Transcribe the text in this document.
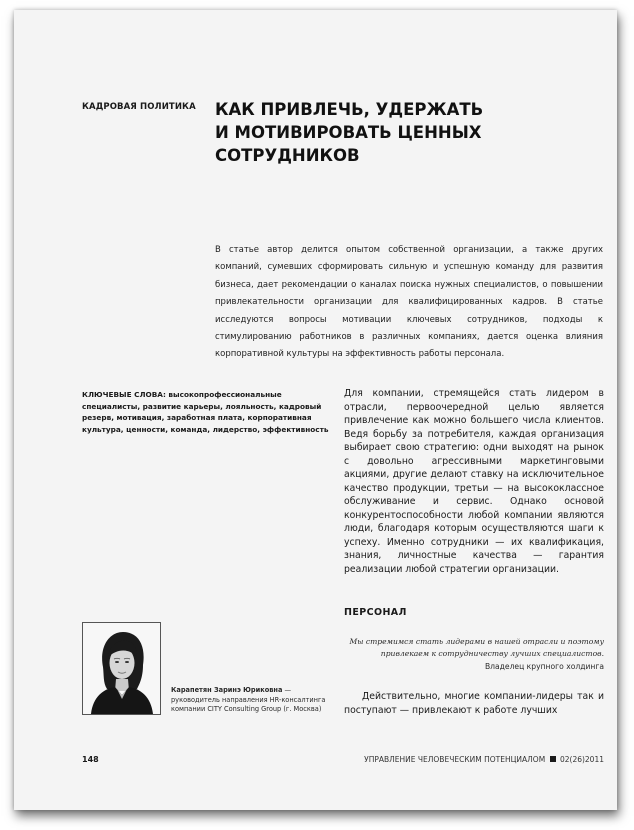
КАДРОВАЯ ПОЛИТИКА КАК ПРИВЛЕЧЬ, УДЕРЖАТЬ
И МОТИВИРОВАТЬ ЦЕННЫХ СОТРУДНИКОВ

В статье автор делится опытом собственной организации, а также других компаний, сумевших сформировать сильную и успешную команду для развития бизнеса, дает рекомендации о каналах поиска нужных специалистов, о повышении привлекательности организации для квалифицированных кадров. В статье исследуются вопросы мотивации ключевых сотрудников, подходы к стимулированию работников в различных компаниях, дается оценка влияния корпоративной культуры на эффективность работы персонала.

КЛЮЧЕВЫЕ СЛОВА: высокопрофессиональные специалисты, развитие карьеры, лояльность, кадровый резерв, мотивация, заработная плата, корпоративная культура, ценности, команда, лидерство, эффективность

Для компании, стремящейся стать лидером в отрасли, первоочередной целью является привлечение как можно большего числа клиентов. Ведя борьбу за потребителя, каждая организация выбирает свою стратегию: одни выходят на рынок с довольно агрессивными маркетинговыми акциями, другие делают ставку на исключительное качество продукции, третьи — на высококлассное обслуживание и сервис. Однако основой конкурентоспособности любой компании являются люди, благодаря которым осуществляются шаги к успеху. Именно сотрудники — их квалификация, знания, личностные качества — гарантия реализации любой стратегии организации.

ПЕРСОНАЛ

Мы стремимся стать лидерами в нашей отрасли и поэтому привлекаем к сотрудничеству лучших специалистов.

Владелец крупного холдинга

Действительно, многие компании-лидеры так и поступают — привлекают к работе лучших

Карапетян Заринэ Юриковна — руководитель направления HR-консалтинга компании CITY Consulting Group (г. Москва)
148	УПРАВЛЕНИЕ ЧЕЛОВЕЧЕСКИМ ПОТЕНЦИАЛОМ 02(26)2011
